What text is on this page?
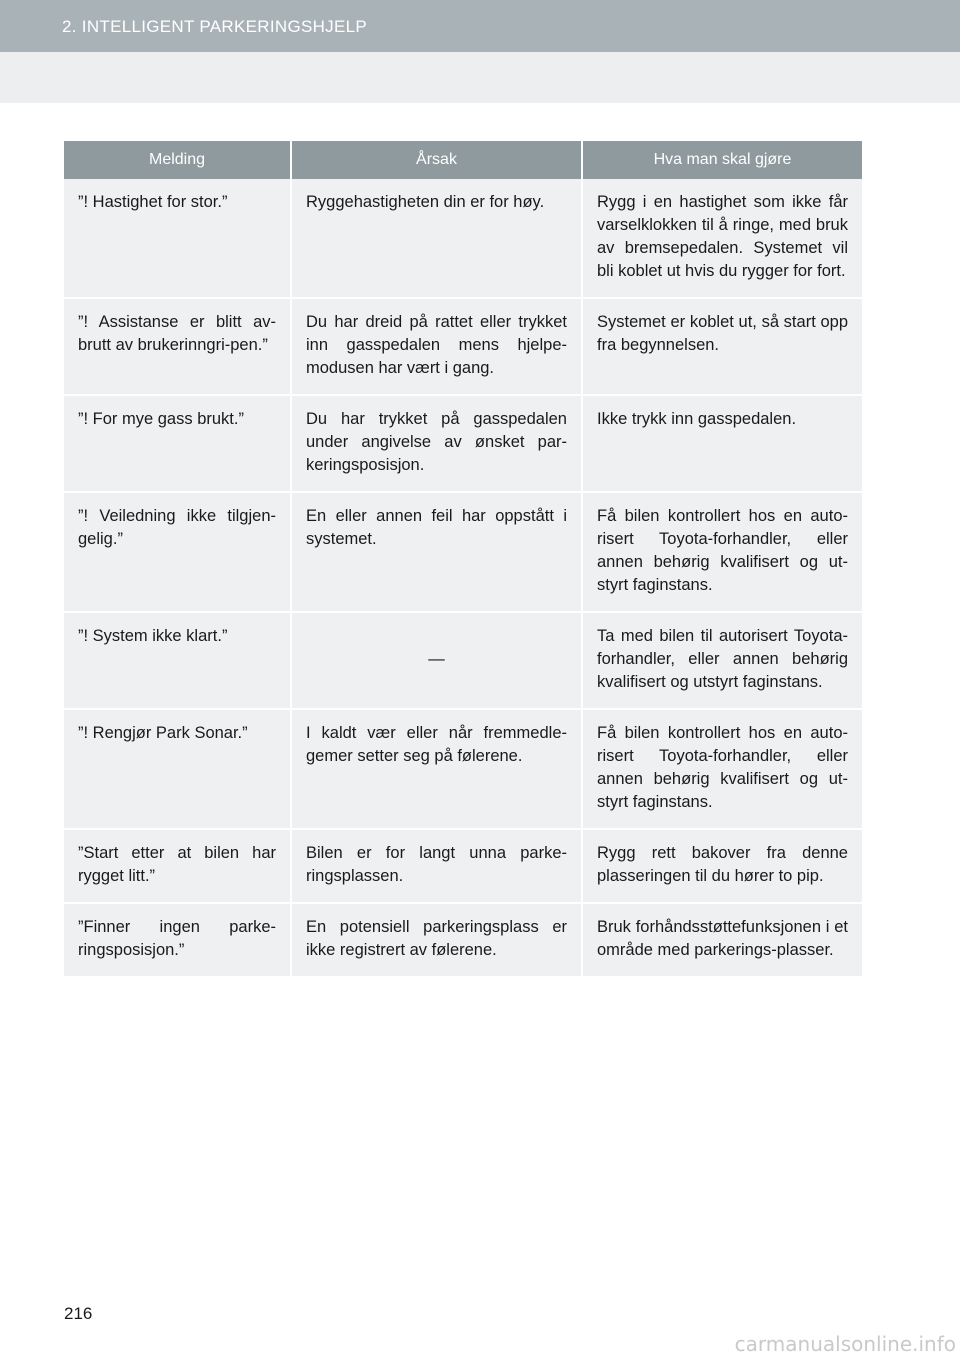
2. INTELLIGENT PARKERINGSHJELP
Melding	Årsak	Hva man skal gjøre
”! Hastighet for stor.”	Ryggehastigheten din er for høy.	Rygg i en hastighet som ikke får varselklokken til å ringe, med bruk av bremsepedalen. Systemet vil bli koblet ut hvis du rygger for fort.
”! Assistanse er blitt av-brutt av brukerinngri-pen.”	Du har dreid på rattet eller trykket inn gasspedalen mens hjelpe-modusen har vært i gang.	Systemet er koblet ut, så start opp fra begynnelsen.
”! For mye gass brukt.”	Du har trykket på gasspedalen under angivelse av ønsket par-keringsposisjon.	Ikke trykk inn gasspedalen.
”! Veiledning ikke tilgjen-gelig.”	En eller annen feil har oppstått i systemet.	Få bilen kontrollert hos en auto-risert Toyota-forhandler, eller annen behørig kvalifisert og ut-styrt faginstans.
”! System ikke klart.”	—	Ta med bilen til autorisert Toyota-forhandler, eller annen behørig kvalifisert og utstyrt faginstans.
”! Rengjør Park Sonar.”	I kaldt vær eller når fremmedle-gemer setter seg på følerene.	Få bilen kontrollert hos en auto-risert Toyota-forhandler, eller annen behørig kvalifisert og ut-styrt faginstans.
”Start etter at bilen har rygget litt.”	Bilen er for langt unna parke-ringsplassen.	Rygg rett bakover fra denne plasseringen til du hører to pip.
”Finner ingen parke-ringsposisjon.”	En potensiell parkeringsplass er ikke registrert av følerene.	Bruk forhåndsstøttefunksjonen i et område med parkerings-plasser.
216
carmanualsonline.info
